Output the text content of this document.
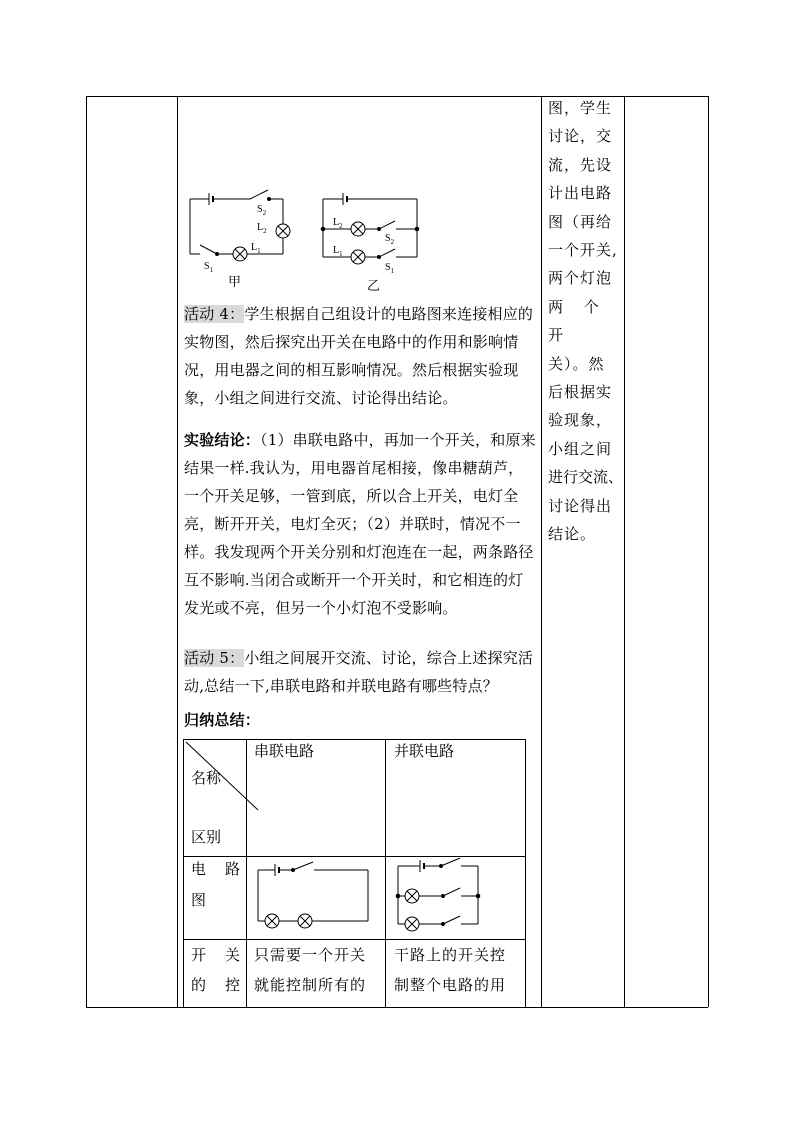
$S_2$
$L_2$
$L_1$
$S_1$
$L_2$
$S_2$
$L_1$
$S_1$
甲	乙
活动 4：学生根据自己组设计的电路图来连接相应的实物图，然后探究出开关在电路中的作用和影响情况，用电器之间的相互影响情况。然后根据实验现象，小组之间进行交流、讨论得出结论。
实验结论：（1）串联电路中，再加一个开关，和原来结果一样.我认为，用电器首尾相接，像串糖葫芦，一个开关足够，一管到底，所以合上开关，电灯全亮，断开开关，电灯全灭；（2）并联时，情况不一样。我发现两个开关分别和灯泡连在一起，两条路径互不影响.当闭合或断开一个开关时，和它相连的灯发光或不亮，但另一个小灯泡不受影响。
活动 5：小组之间展开交流、讨论，综合上述探究活动,总结一下,串联电路和并联电路有哪些特点？
归纳总结：
图，学生
讨论，交
流，先设
计出电路
图（再给
一个开关,
两个灯泡
两 个 开
关）。然
后根据实
验现象，
小组之间
进行交流、
讨论得出
结论。
名称
区别
串联电路	并联电路
电　路
图
开　关
的　控
只需要一个开关
就能控制所有的
干路上的开关控
制整个电路的用
